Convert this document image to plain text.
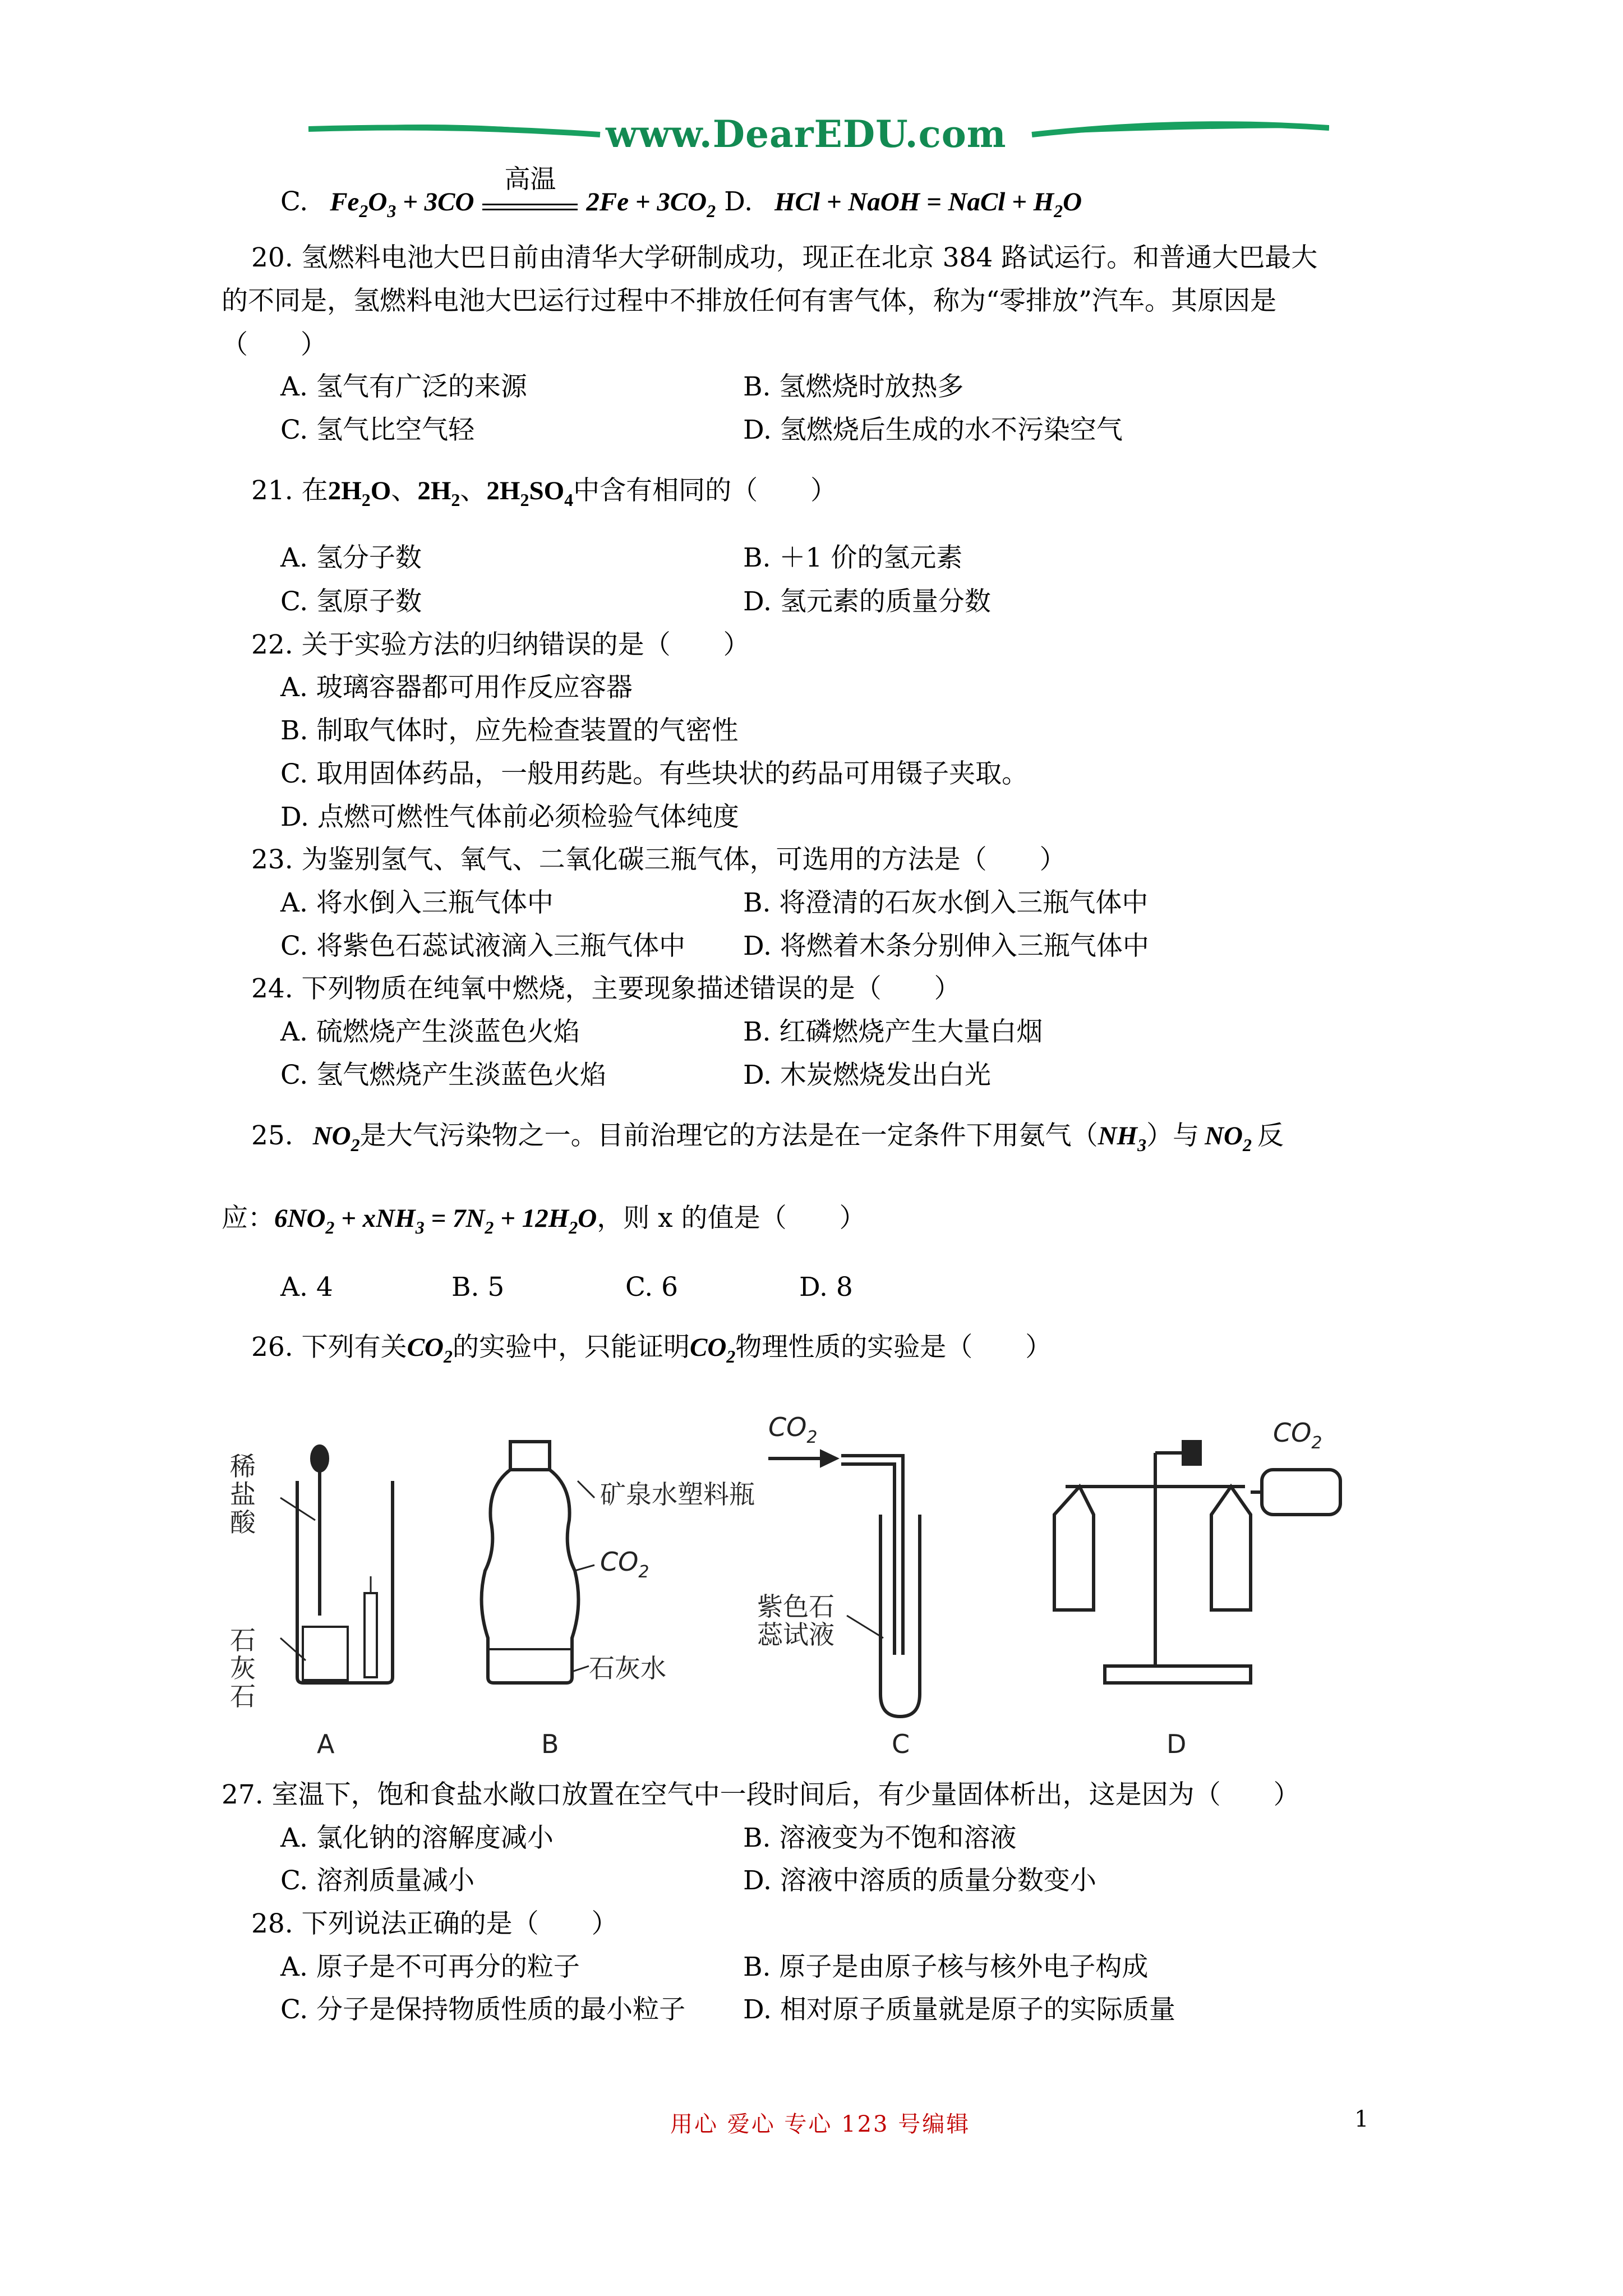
www.DearEDU.com
C. $Fe_2O_3 + 3CO$
高温
$2Fe + 3CO_2$ D. HCl + NaOH = NaCl + $H_2O$
20. 氢燃料电池大巴日前由清华大学研制成功，现正在北京 384 路试运行。和普通大巴最大
的不同是，氢燃料电池大巴运行过程中不排放任何有害气体，称为“零排放”汽车。其原因是
（　　）
A. 氢气有广泛的来源	B. 氢燃烧时放热多
C. 氢气比空气轻	D. 氢燃烧后生成的水不污染空气
21. 在$2H_2O$、$2H_2$、$2H_2SO_4$中含有相同的（　　）
A. 氢分子数	B. ＋1 价的氢元素
C. 氢原子数	D. 氢元素的质量分数
22. 关于实验方法的归纳错误的是（　　）
A. 玻璃容器都可用作反应容器
B. 制取气体时，应先检查装置的气密性
C. 取用固体药品，一般用药匙。有些块状的药品可用镊子夹取。
D. 点燃可燃性气体前必须检验气体纯度
23. 为鉴别氢气、氧气、二氧化碳三瓶气体，可选用的方法是（　　）
A. 将水倒入三瓶气体中	B. 将澄清的石灰水倒入三瓶气体中
C. 将紫色石蕊试液滴入三瓶气体中 D. 将燃着木条分别伸入三瓶气体中
24. 下列物质在纯氧中燃烧，主要现象描述错误的是（　　）
A. 硫燃烧产生淡蓝色火焰	B. 红磷燃烧产生大量白烟
C. 氢气燃烧产生淡蓝色火焰	D. 木炭燃烧发出白光
25. $NO_2$是大气污染物之一。目前治理它的方法是在一定条件下用氨气$(NH_3)$与 $NO_2$ 反
应：$6NO_2 + xNH_3 = 7N_2 + 12H_2O$，则 x 的值是（　　）
A. 4	B. 5	C. 6	D. 8
26. 下列有关$CO_2$的实验中，只能证明$CO_2$物理性质的实验是（　　）
稀
盐
酸
石
灰
石
A
矿泉水塑料瓶
$CO_2$
石灰水
B
$CO_2$
紫色石
蕊试液
C
$CO_2$
D
27. 室温下，饱和食盐水敞口放置在空气中一段时间后，有少量固体析出，这是因为（　　）
A. 氯化钠的溶解度减小	B. 溶液变为不饱和溶液
C. 溶剂质量减小	D. 溶液中溶质的质量分数变小
28. 下列说法正确的是（　　）
A. 原子是不可再分的粒子	B. 原子是由原子核与核外电子构成
C. 分子是保持物质性质的最小粒子 D. 相对原子质量就是原子的实际质量
用心 爱心 专心 123 号编辑	1
